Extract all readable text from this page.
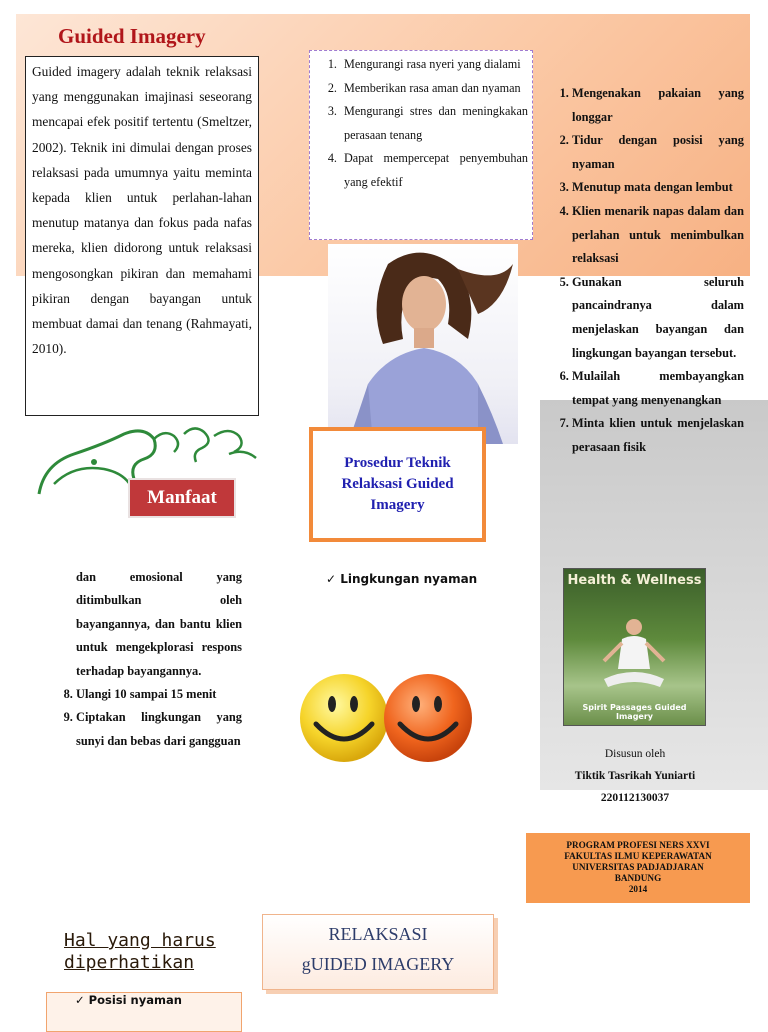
Guided Imagery
Guided imagery adalah teknik relaksasi yang menggunakan imajinasi seseorang mencapai efek positif tertentu (Smeltzer, 2002). Teknik ini dimulai dengan proses relaksasi pada umumnya yaitu meminta kepada klien untuk perlahan-lahan menutup matanya dan fokus pada nafas mereka, klien didorong untuk relaksasi mengosongkan pikiran dan memahami pikiran dengan bayangan untuk membuat damai dan tenang (Rahmayati, 2010).
1. Mengurangi rasa nyeri yang dialami
2. Memberikan rasa aman dan nyaman
3. Mengurangi stres dan meningkakan perasaan tenang
4. Dapat mempercepat penyembuhan yang efektif
1. Mengenakan pakaian yang longgar
2. Tidur dengan posisi yang nyaman
3. Menutup mata dengan lembut
4. Klien menarik napas dalam dan perlahan untuk menimbulkan relaksasi
5. Gunakan seluruh pancaindranya dalam menjelaskan bayangan dan lingkungan bayangan tersebut.
6. Mulailah membayangkan tempat yang menyenangkan
7. Minta klien untuk menjelaskan perasaan fisik
Prosedur Teknik Relaksasi Guided Imagery
Manfaat
dan emosional yang ditimbulkan oleh bayangannya, dan bantu klien untuk mengekplorasi respons terhadap bayangannya.
8. Ulangi 10 sampai 15 menit
9. Ciptakan lingkungan yang sunyi dan bebas dari gangguan
✓ Lingkungan nyaman	Health & Wellness
Spirit Passages Guided Imagery
Disusun oleh
Tiktik Tasrikah Yuniarti
220112130037
PROGRAM PROFESI NERS XXVI
FAKULTAS ILMU KEPERAWATAN
UNIVERSITAS PADJADJARAN
BANDUNG
2014
Hal yang harus
diperhatikan
✓ Posisi nyaman
RELAKSASI
gUIDED IMAGERY
